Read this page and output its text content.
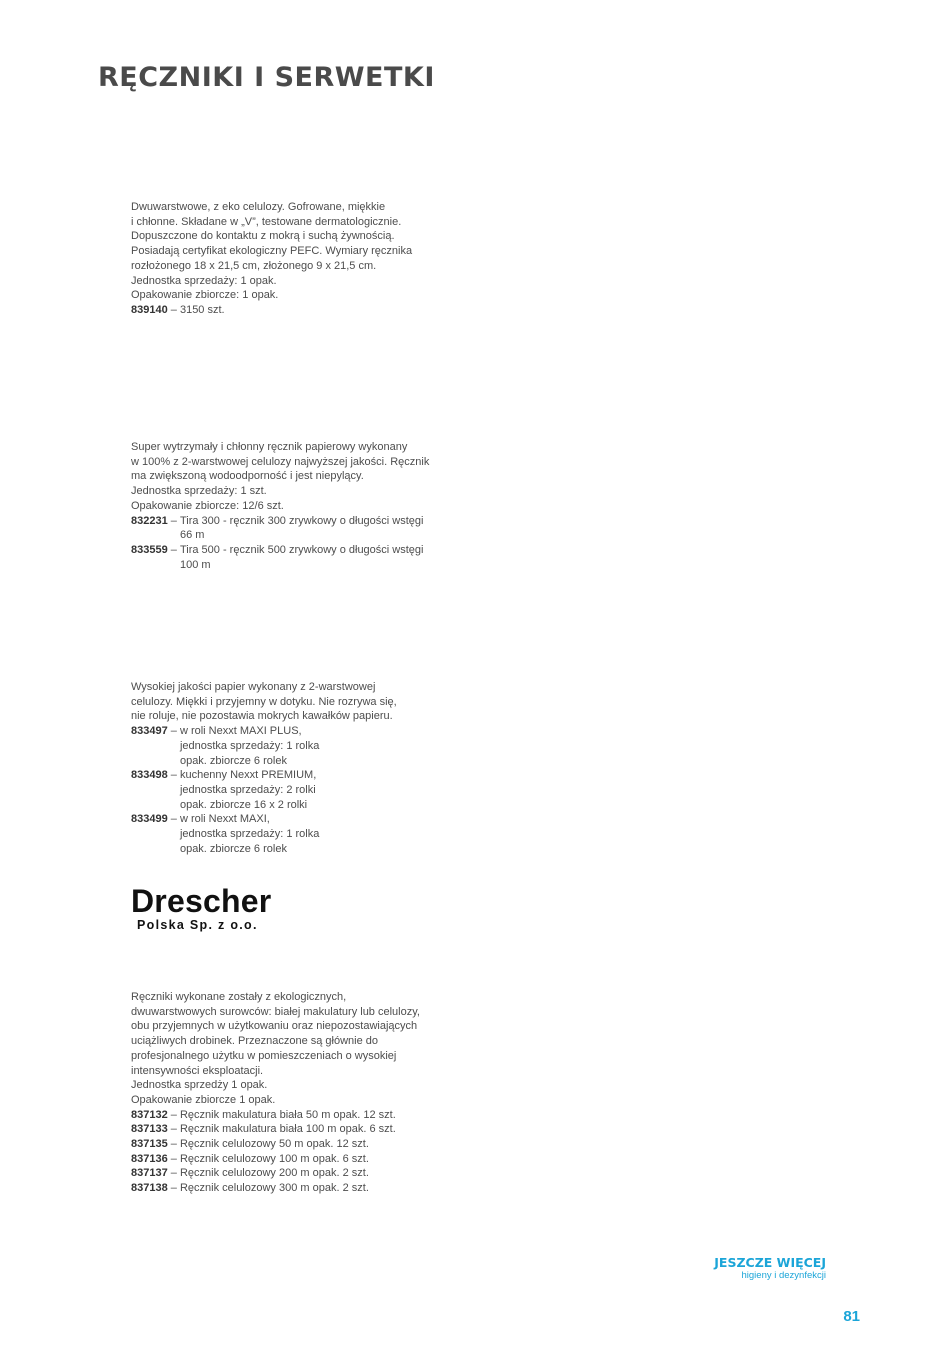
RĘCZNIKI I SERWETKI

Dwuwarstwowe, z eko celulozy. Gofrowane, miękkie

i chłonne. Składane w „V”, testowane dermatologicznie.

Dopuszczone do kontaktu z mokrą i suchą żywnością.

Posiadają certyfikat ekologiczny PEFC. Wymiary ręcznika

rozłożonego 18 x 21,5 cm, złożonego 9 x 21,5 cm.

Jednostka sprzedaży: 1 opak.

Opakowanie zbiorcze: 1 opak.

839140 – 3150 szt.

Super wytrzymały i chłonny ręcznik papierowy wykonany

w 100% z 2-warstwowej celulozy najwyższej jakości. Ręcznik

ma zwiększoną wodoodporność i jest niepylący.

Jednostka sprzedaży: 1 szt.

Opakowanie zbiorcze: 12/6 szt.

832231 – Tira 300 - ręcznik 300 zrywkowy o długości wstęgi
66 m
833559 – Tira 500 - ręcznik 500 zrywkowy o długości wstęgi
100 m

Wysokiej jakości papier wykonany z 2-warstwowej

celulozy. Miękki i przyjemny w dotyku. Nie rozrywa się,

nie roluje, nie pozostawia mokrych kawałków papieru.

833497 – w roli Nexxt MAXI PLUS,
jednostka sprzedaży: 1 rolka
opak. zbiorcze 6 rolek
833498 – kuchenny Nexxt PREMIUM,
jednostka sprzedaży: 2 rolki
opak. zbiorcze 16 x 2 rolki
833499 – w roli Nexxt MAXI,
jednostka sprzedaży: 1 rolka
opak. zbiorcze 6 rolek
Drescher
Polska Sp. z o.o.

Ręczniki wykonane zostały z ekologicznych,

dwuwarstwowych surowców: białej makulatury lub celulozy,

obu przyjemnych w użytkowaniu oraz niepozostawiających

uciążliwych drobinek. Przeznaczone są głównie do

profesjonalnego użytku w pomieszczeniach o wysokiej

intensywności eksploatacji.

Jednostka sprzedży 1 opak.

Opakowanie zbiorcze 1 opak.

837132 – Ręcznik makulatura biała 50 m opak. 12 szt.
837133 – Ręcznik makulatura biała 100 m opak. 6 szt.
837135 – Ręcznik celulozowy 50 m opak. 12 szt.
837136 – Ręcznik celulozowy 100 m opak. 6 szt.
837137 – Ręcznik celulozowy 200 m opak. 2 szt.
837138 – Ręcznik celulozowy 300 m opak. 2 szt.
JESZCZE WIĘCEJ
higieny i dezynfekcji
81
